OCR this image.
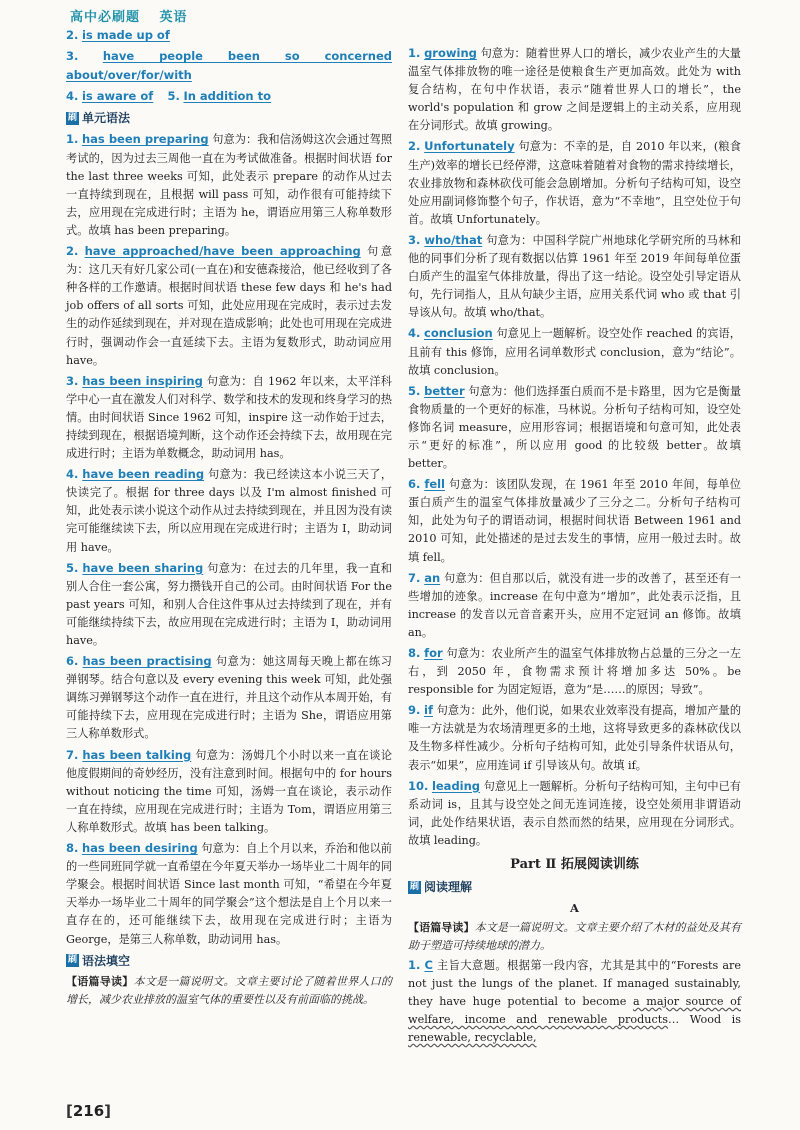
高中必刷题 英语
2. is made up of
3. have people been so concerned about/over/for/with
4. is aware of 5. In addition to
刷 单元语法
1. has been preparing 句意为：我和信汤姆这次会通过驾照考试的，因为过去三周他一直在为考试做准备。根据时间状语 for the last three weeks 可知，此处表示 prepare 的动作从过去一直持续到现在，且根据 will pass 可知，动作很有可能持续下去，应用现在完成进行时；主语为 he，谓语应用第三人称单数形式。故填 has been preparing。
2. have approached/have been approaching 句意为：这几天有好几家公司(一直在)和安德森接洽，他已经收到了各种各样的工作邀请。根据时间状语 these few days 和 he's had job offers of all sorts 可知，此处应用现在完成时，表示过去发生的动作延续到现在，并对现在造成影响；此处也可用现在完成进行时，强调动作会一直延续下去。主语为复数形式，助动词应用 have。
3. has been inspiring 句意为：自 1962 年以来，太平洋科学中心一直在激发人们对科学、数学和技术的发现和终身学习的热情。由时间状语 Since 1962 可知，inspire 这一动作始于过去，持续到现在，根据语境判断，这个动作还会持续下去，故用现在完成进行时；主语为单数概念，助动词用 has。
4. have been reading 句意为：我已经读这本小说三天了，快读完了。根据 for three days 以及 I'm almost finished 可知，此处表示读小说这个动作从过去持续到现在，并且因为没有读完可能继续读下去，所以应用现在完成进行时；主语为 I，助动词用 have。
5. have been sharing 句意为：在过去的几年里，我一直和别人合住一套公寓，努力攒钱开自己的公司。由时间状语 For the past years 可知，和别人合住这件事从过去持续到了现在，并有可能继续持续下去，故应用现在完成进行时；主语为 I，助动词用 have。
6. has been practising 句意为：她这周每天晚上都在练习弹钢琴。结合句意以及 every evening this week 可知，此处强调练习弹钢琴这个动作一直在进行，并且这个动作从本周开始，有可能持续下去，应用现在完成进行时；主语为 She，谓语应用第三人称单数形式。
7. has been talking 句意为：汤姆几个小时以来一直在谈论他度假期间的奇妙经历，没有注意到时间。根据句中的 for hours without noticing the time 可知，汤姆一直在谈论，表示动作一直在持续，应用现在完成进行时；主语为 Tom，谓语应用第三人称单数形式。故填 has been talking。
8. has been desiring 句意为：自上个月以来，乔治和他以前的一些同班同学就一直希望在今年夏天举办一场毕业二十周年的同学聚会。根据时间状语 Since last month 可知，“希望在今年夏天举办一场毕业二十周年的同学聚会”这个想法是自上个月以来一直存在的，还可能继续下去，故用现在完成进行时；主语为 George，是第三人称单数，助动词用 has。
刷 语法填空
【语篇导读】本文是一篇说明文。文章主要讨论了随着世界人口的增长，减少农业排放的温室气体的重要性以及有前面临的挑战。
1. growing 句意为：随着世界人口的增长，减少农业产生的大量温室气体排放物的唯一途径是使粮食生产更加高效。此处为 with 复合结构，在句中作状语，表示“随着世界人口的增长”，the world's population 和 grow 之间是逻辑上的主动关系，应用现在分词形式。故填 growing。
2. Unfortunately 句意为：不幸的是，自 2010 年以来，(粮食生产)效率的增长已经停滞，这意味着随着对食物的需求持续增长，农业排放物和森林砍伐可能会急剧增加。分析句子结构可知，设空处应用副词修饰整个句子，作状语，意为“不幸地”，且空处位于句首。故填 Unfortunately。
3. who/that 句意为：中国科学院广州地球化学研究所的马林和他的同事们分析了现有数据以估算 1961 年至 2019 年间每单位蛋白质产生的温室气体排放量，得出了这一结论。设空处引导定语从句，先行词指人，且从句缺少主语，应用关系代词 who 或 that 引导该从句。故填 who/that。
4. conclusion 句意见上一题解析。设空处作 reached 的宾语，且前有 this 修饰，应用名词单数形式 conclusion，意为“结论”。故填 conclusion。
5. better 句意为：他们选择蛋白质而不是卡路里，因为它是衡量食物质量的一个更好的标准，马林说。分析句子结构可知，设空处修饰名词 measure，应用形容词；根据语境和句意可知，此处表示“更好的标准”，所以应用 good 的比较级 better。故填 better。
6. fell 句意为：该团队发现，在 1961 年至 2010 年间，每单位蛋白质产生的温室气体排放量减少了三分之二。分析句子结构可知，此处为句子的谓语动词，根据时间状语 Between 1961 and 2010 可知，此处描述的是过去发生的事情，应用一般过去时。故填 fell。
7. an 句意为：但自那以后，就没有进一步的改善了，甚至还有一些增加的迹象。increase 在句中意为“增加”，此处表示泛指，且 increase 的发音以元音音素开头，应用不定冠词 an 修饰。故填 an。
8. for 句意为：农业所产生的温室气体排放物占总量的三分之一左右，到 2050 年，食物需求预计将增加多达 50%。be responsible for 为固定短语，意为“是……的原因；导致”。
9. if 句意为：此外，他们说，如果农业效率没有提高，增加产量的唯一方法就是为农场清理更多的土地，这将导致更多的森林砍伐以及生物多样性减少。分析句子结构可知，此处引导条件状语从句，表示“如果”，应用连词 if 引导该从句。故填 if。
10. leading 句意见上一题解析。分析句子结构可知，主句中已有系动词 is，且其与设空处之间无连词连接，设空处须用非谓语动词，此处作结果状语，表示自然而然的结果，应用现在分词形式。故填 leading。
Part Ⅱ 拓展阅读训练
刷 阅读理解
A
【语篇导读】本文是一篇说明文。文章主要介绍了木材的益处及其有助于塑造可持续地球的潜力。
1. C 主旨大意题。根据第一段内容，尤其是其中的“Forests are not just the lungs of the planet. If managed sustainably, they have huge potential to become a major source of welfare, income and renewable products… Wood is renewable, recyclable,
[216]
